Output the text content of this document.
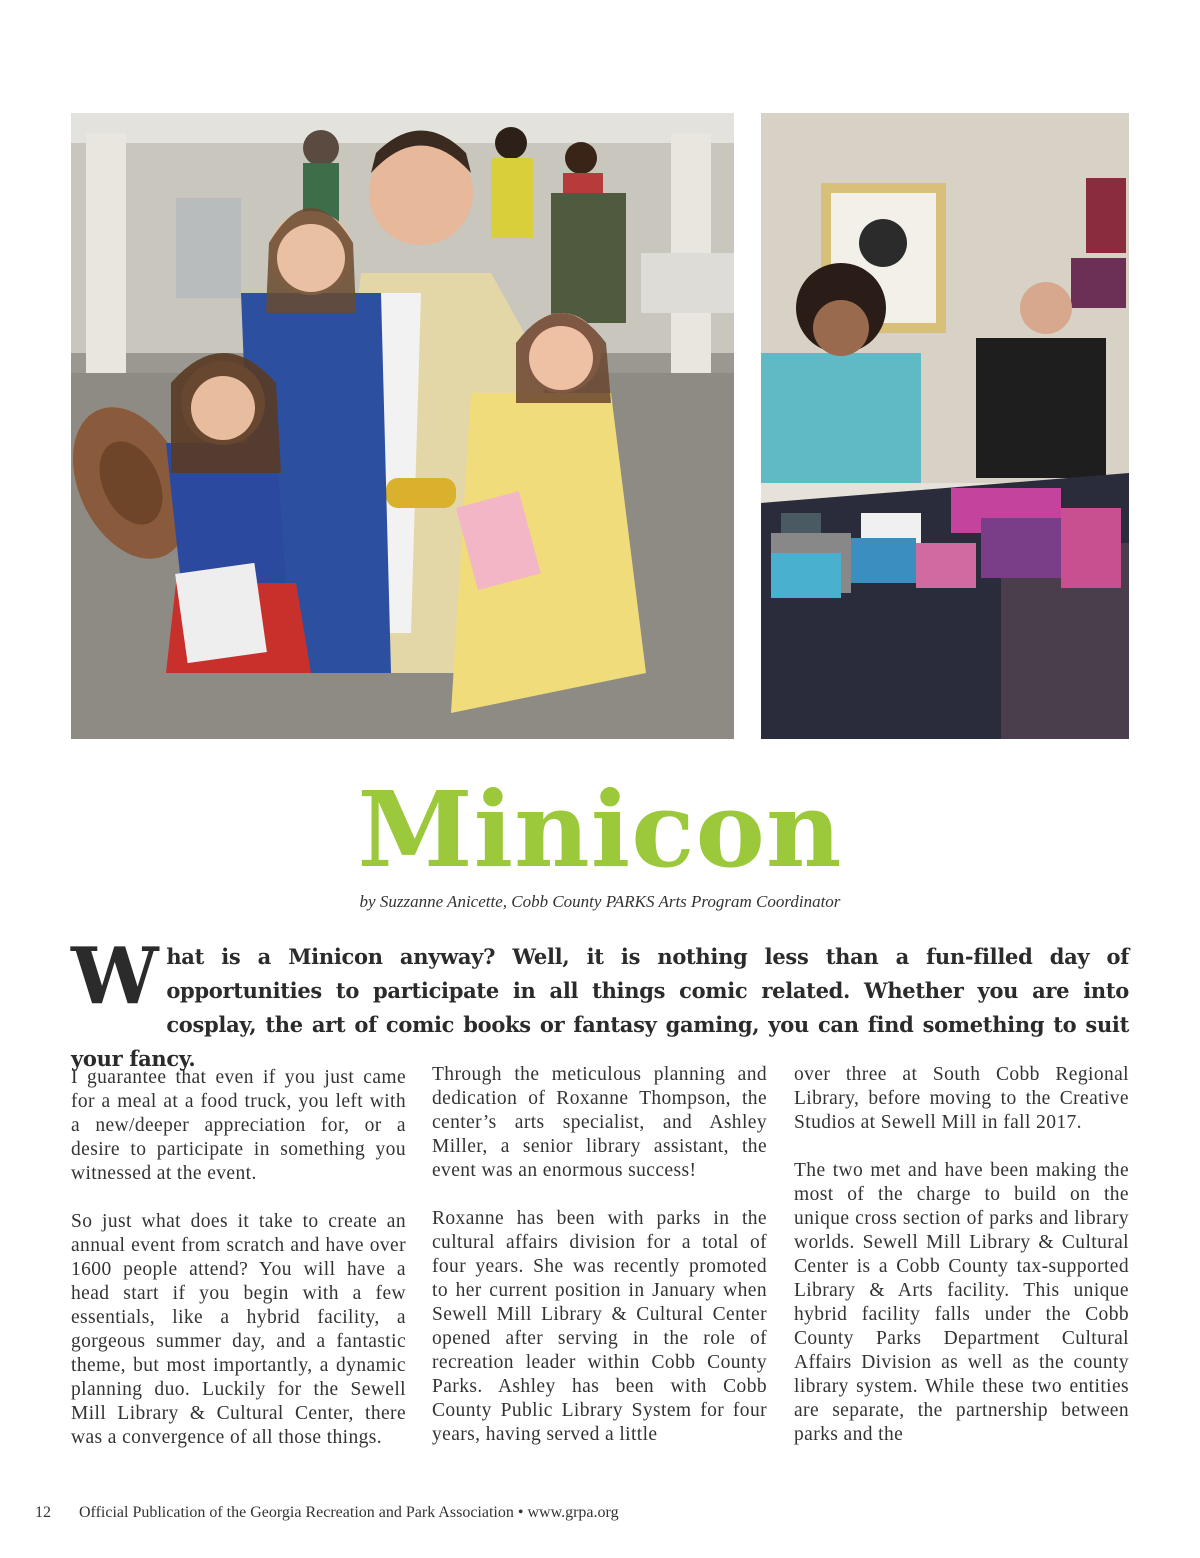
Minicon
by Suzzanne Anicette, Cobb County PARKS Arts Program Coordinator
What is a Minicon anyway? Well, it is nothing less than a fun-filled day of opportunities to participate in all things comic related. Whether you are into cosplay, the art of comic books or fantasy gaming, you can find something to suit your fancy.

I guarantee that even if you just came for a meal at a food truck, you left with a new/deeper appreciation for, or a desire to participate in something you witnessed at the event.

So just what does it take to create an annual event from scratch and have over 1600 people attend? You will have a head start if you begin with a few essentials, like a hybrid facility, a gorgeous summer day, and a fantastic theme, but most importantly, a dynamic planning duo. Luckily for the Sewell Mill Library & Cultural Center, there was a convergence of all those things.

Through the meticulous planning and dedication of Roxanne Thompson, the center’s arts specialist, and Ashley Miller, a senior library assistant, the event was an enormous success!

Roxanne has been with parks in the cultural affairs division for a total of four years. She was recently promoted to her current position in January when Sewell Mill Library & Cultural Center opened after serving in the role of recreation leader within Cobb County Parks. Ashley has been with Cobb County Public Library System for four years, having served a little

over three at South Cobb Regional Library, before moving to the Creative Studios at Sewell Mill in fall 2017.

The two met and have been making the most of the charge to build on the unique cross section of parks and library worlds. Sewell Mill Library & Cultural Center is a Cobb County tax-supported Library & Arts facility. This unique hybrid facility falls under the Cobb County Parks Department Cultural Affairs Division as well as the county library system. While these two entities are separate, the partnership between parks and the

12 Official Publication of the Georgia Recreation and Park Association • www.grpa.org
